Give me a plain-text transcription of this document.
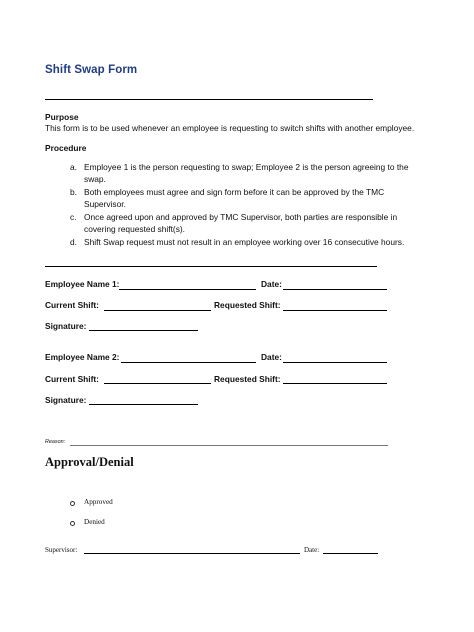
Shift Swap Form
Purpose
This form is to be used whenever an employee is requesting to switch shifts with another employee.
Procedure
a. Employee 1 is the person requesting to swap; Employee 2 is the person agreeing to the swap.
b. Both employees must agree and sign form before it can be approved by the TMC Supervisor.
c. Once agreed upon and approved by TMC Supervisor, both parties are responsible in covering requested shift(s).
d. Shift Swap request must not result in an employee working over 16 consecutive hours.
Employee Name 1:	Date:
Current Shift:	Requested Shift:
Signature:
Employee Name 2:	Date:
Current Shift:	Requested Shift:
Signature:
Reason:
Approval/Denial
Approved
Denied
Supervisor:	Date:
